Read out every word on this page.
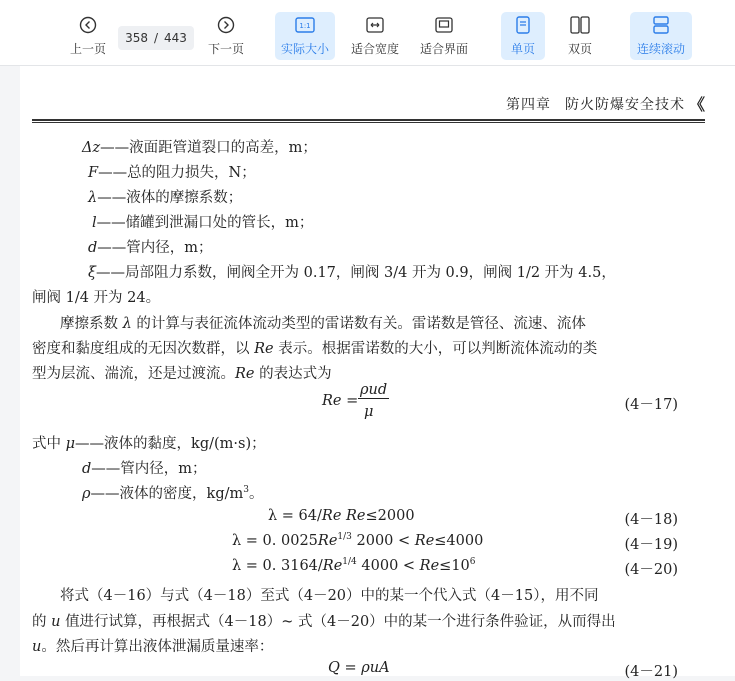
上一页
358 / 443
下一页
1:1
实际大小 适合宽度 适合界面	单页	双页	连续滚动
第四章 防火防爆安全技术 《
Δz——液面距管道裂口的高差，m；
F——总的阻力损失，N；
λ——液体的摩擦系数；
l——储罐到泄漏口处的管长，m；
d——管内径，m；
ξ——局部阻力系数，闸阀全开为 0.17，闸阀 3/4 开为 0.9，闸阀 1/2 开为 4.5，
闸阀 1/4 开为 24。
摩擦系数 λ 的计算与表征流体流动类型的雷诺数有关。雷诺数是管径、流速、流体
密度和黏度组成的无因次数群，以 Re 表示。根据雷诺数的大小，可以判断流体流动的类
型为层流、湍流，还是过渡流。Re 的表达式为
Re =
ρud
μ	(4－17)
式中 μ——液体的黏度，kg/(m·s)；
d——管内径，m；
ρ——液体的密度，$kg/m^3$。
λ = 64/Re Re≤2000	(4－18)
λ = 0. $0025Re^{1/3}$ 2000 < Re≤4000	(4－19)
λ = 0. $3164/Re^{1/4}$ $4000 < Re\le 10^6$	(4－20)
将式（4－16）与式（4－18）至式（4－20）中的某一个代入式（4－15），用不同
的 u 值进行试算，再根据式（4－18）~ 式（4－20）中的某一个进行条件验证，从而得出
u。然后再计算出液体泄漏质量速率：
Q = ρuA	(4－21)
